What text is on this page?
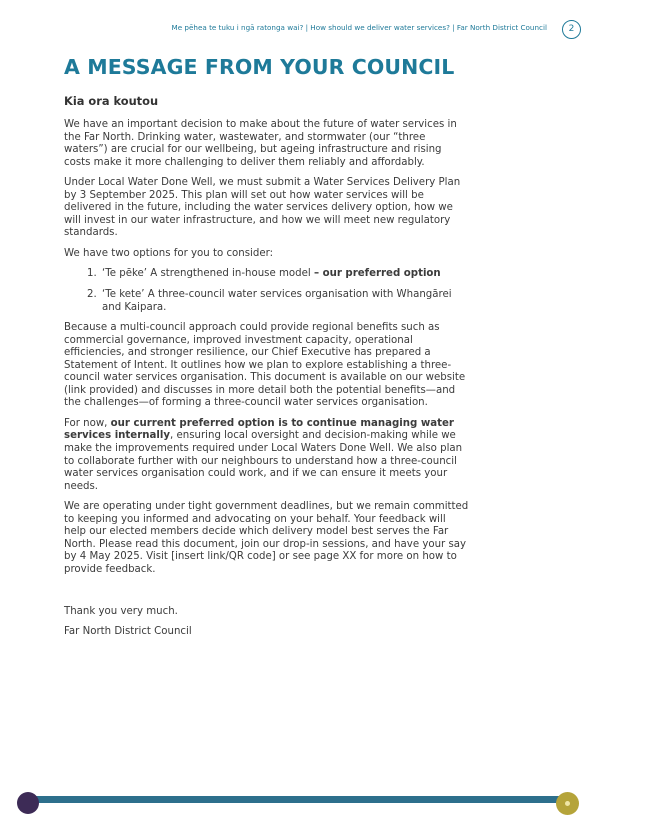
Me pēhea te tuku i ngā ratonga wai? | How should we deliver water services? | Far North District Council	2
A MESSAGE FROM YOUR COUNCIL
Kia ora koutou

We have an important decision to make about the future of water services in the Far North. Drinking water, wastewater, and stormwater (our “three waters”) are crucial for our wellbeing, but ageing infrastructure and rising costs make it more challenging to deliver them reliably and affordably.

Under Local Water Done Well, we must submit a Water Services Delivery Plan by 3 September 2025. This plan will set out how water services will be delivered in the future, including the water services delivery option, how we will invest in our water infrastructure, and how we will meet new regulatory standards.

We have two options for you to consider:

1. ‘Te pēke’ A strengthened in-house model – our preferred option
2. ‘Te kete’ A three-council water services organisation with Whangārei and Kaipara.

Because a multi-council approach could provide regional benefits such as commercial governance, improved investment capacity, operational efficiencies, and stronger resilience, our Chief Executive has prepared a Statement of Intent. It outlines how we plan to explore establishing a three-council water services organisation. This document is available on our website (link provided) and discusses in more detail both the potential benefits—and the challenges—of forming a three-council water services organisation.

For now, our current preferred option is to continue managing water services internally, ensuring local oversight and decision-making while we make the improvements required under Local Waters Done Well. We also plan to collaborate further with our neighbours to understand how a three-council water services organisation could work, and if we can ensure it meets your needs.

We are operating under tight government deadlines, but we remain committed to keeping you informed and advocating on your behalf. Your feedback will help our elected members decide which delivery model best serves the Far North. Please read this document, join our drop-in sessions, and have your say by 4 May 2025. Visit [insert link/QR code] or see page XX for more on how to provide feedback.

Thank you very much.

Far North District Council
